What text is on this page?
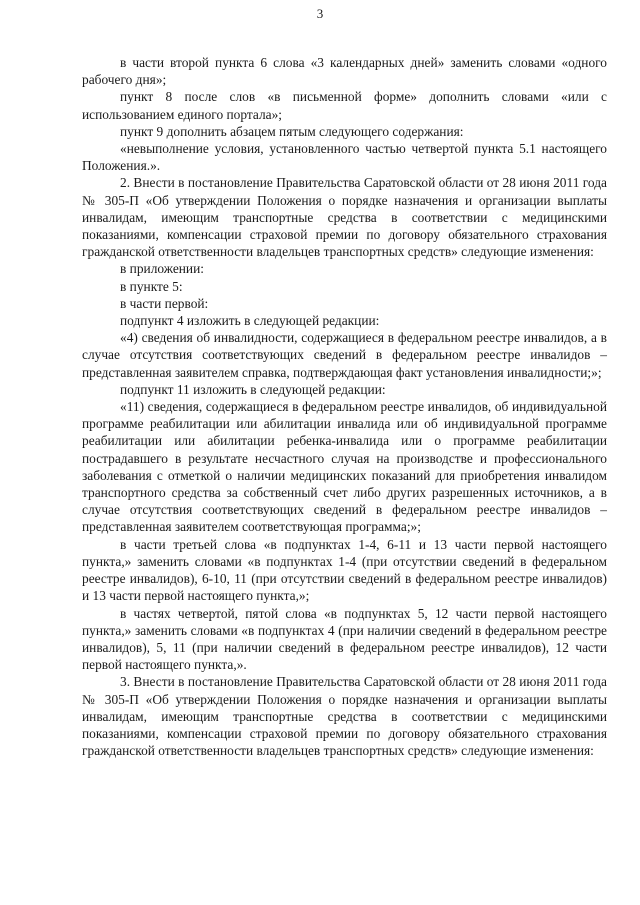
3

в части второй пункта 6 слова «3 календарных дней» заменить словами «одного рабочего дня»;

пункт 8 после слов «в письменной форме» дополнить словами «или с использованием единого портала»;

пункт 9 дополнить абзацем пятым следующего содержания:

«невыполнение условия, установленного частью четвертой пункта 5.1 настоящего Положения.».

2. Внести в постановление Правительства Саратовской области от 28 июня 2011 года № 305-П «Об утверждении Положения о порядке назначения и организации выплаты инвалидам, имеющим транспортные средства в соответствии с медицинскими показаниями, компенсации страховой премии по договору обязательного страхования гражданской ответственности владельцев транспортных средств» следующие изменения:

в приложении:

в пункте 5:

в части первой:

подпункт 4 изложить в следующей редакции:

«4) сведения об инвалидности, содержащиеся в федеральном реестре инвалидов, а в случае отсутствия соответствующих сведений в федеральном реестре инвалидов – представленная заявителем справка, подтверждающая факт установления инвалидности;»;

подпункт 11 изложить в следующей редакции:

«11) сведения, содержащиеся в федеральном реестре инвалидов, об индивидуальной программе реабилитации или абилитации инвалида или об индивидуальной программе реабилитации или абилитации ребенка-инвалида или о программе реабилитации пострадавшего в результате несчастного случая на производстве и профессионального заболевания с отметкой о наличии медицинских показаний для приобретения инвалидом транспортного средства за собственный счет либо других разрешенных источников, а в случае отсутствия соответствующих сведений в федеральном реестре инвалидов – представленная заявителем соответствующая программа;»;

в части третьей слова «в подпунктах 1-4, 6-11 и 13 части первой настоящего пункта,» заменить словами «в подпунктах 1-4 (при отсутствии сведений в федеральном реестре инвалидов), 6-10, 11 (при отсутствии сведений в федеральном реестре инвалидов) и 13 части первой настоящего пункта,»;

в частях четвертой, пятой слова «в подпунктах 5, 12 части первой настоящего пункта,» заменить словами «в подпунктах 4 (при наличии сведений в федеральном реестре инвалидов), 5, 11 (при наличии сведений в федеральном реестре инвалидов), 12 части первой настоящего пункта,».

3. Внести в постановление Правительства Саратовской области от 28 июня 2011 года № 305-П «Об утверждении Положения о порядке назначения и организации выплаты инвалидам, имеющим транспортные средства в соответствии с медицинскими показаниями, компенсации страховой премии по договору обязательного страхования гражданской ответственности владельцев транспортных средств» следующие изменения:
